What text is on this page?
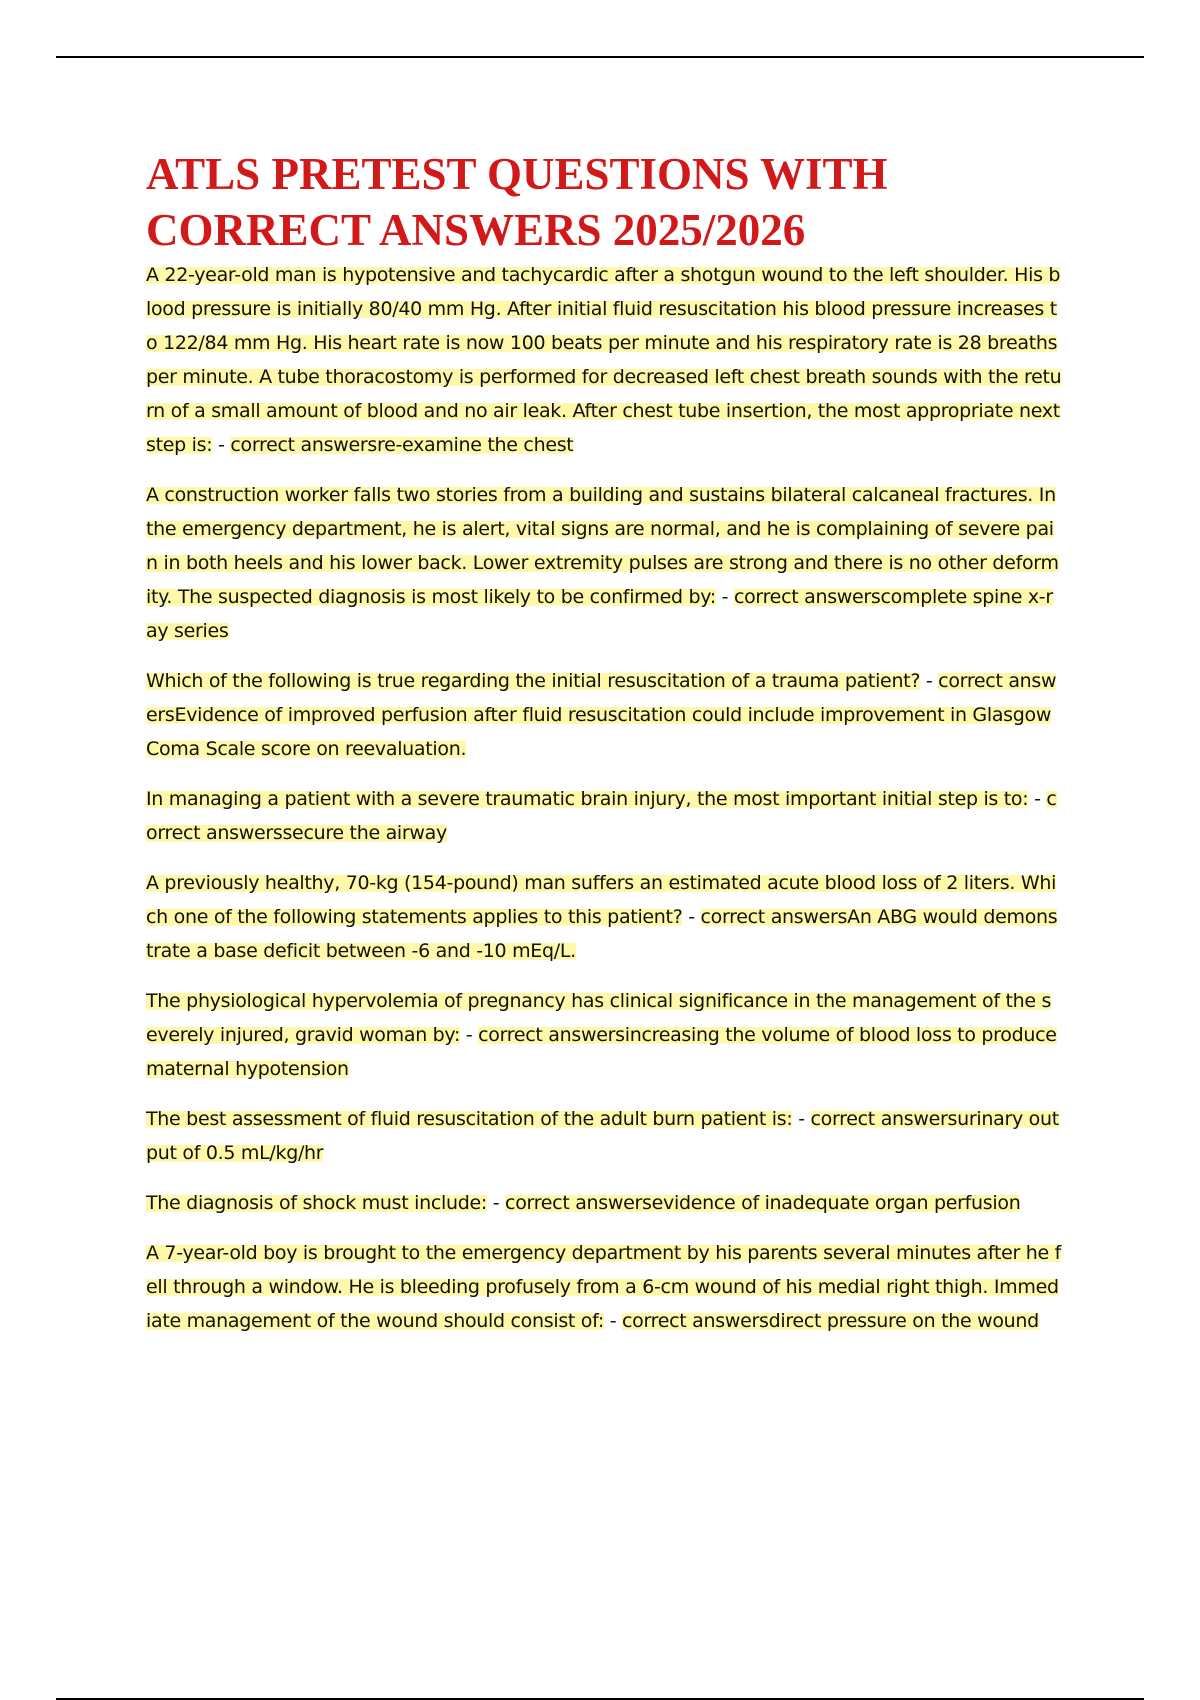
ATLS PRETEST QUESTIONS WITH CORRECT ANSWERS 2025/2026

A 22-year-old man is hypotensive and tachycardic after a shotgun wound to the left shoulder. His blood pressure is initially 80/40 mm Hg. After initial fluid resuscitation his blood pressure increases to 122/84 mm Hg. His heart rate is now 100 beats per minute and his respiratory rate is 28 breaths per minute. A tube thoracostomy is performed for decreased left chest breath sounds with the return of a small amount of blood and no air leak. After chest tube insertion, the most appropriate next step is: - correct answersre-examine the chest

A construction worker falls two stories from a building and sustains bilateral calcaneal fractures. In the emergency department, he is alert, vital signs are normal, and he is complaining of severe pain in both heels and his lower back. Lower extremity pulses are strong and there is no other deformity. The suspected diagnosis is most likely to be confirmed by: - correct answerscomplete spine x-ray series

Which of the following is true regarding the initial resuscitation of a trauma patient? - correct answersEvidence of improved perfusion after fluid resuscitation could include improvement in Glasgow Coma Scale score on reevaluation.

In managing a patient with a severe traumatic brain injury, the most important initial step is to: - correct answerssecure the airway

A previously healthy, 70-kg (154-pound) man suffers an estimated acute blood loss of 2 liters. Which one of the following statements applies to this patient? - correct answersAn ABG would demonstrate a base deficit between -6 and -10 mEq/L.

The physiological hypervolemia of pregnancy has clinical significance in the management of the severely injured, gravid woman by: - correct answersincreasing the volume of blood loss to produce maternal hypotension

The best assessment of fluid resuscitation of the adult burn patient is: - correct answersurinary output of 0.5 mL/kg/hr

The diagnosis of shock must include: - correct answersevidence of inadequate organ perfusion

A 7-year-old boy is brought to the emergency department by his parents several minutes after he fell through a window. He is bleeding profusely from a 6-cm wound of his medial right thigh. Immediate management of the wound should consist of: - correct answersdirect pressure on the wound
